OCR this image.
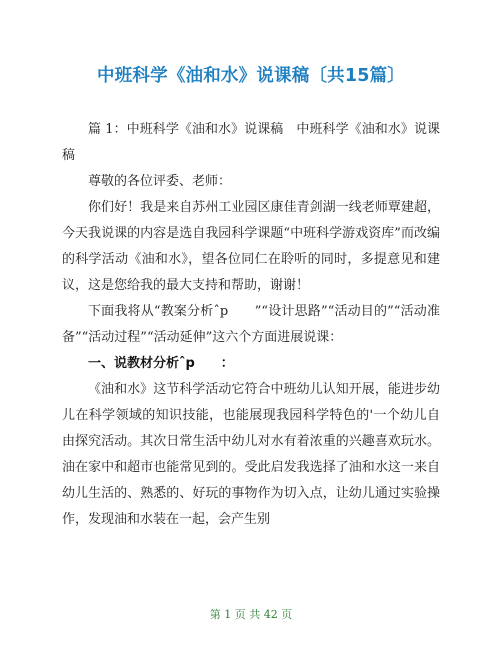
中班科学《油和水》说课稿〔共15篇〕

篇 1：中班科学《油和水》说课稿　中班科学《油和水》说课稿

尊敬的各位评委、老师：

你们好！我是来自苏州工业园区康佳青剑湖一线老师覃建超，今天我说课的内容是选自我园科学课题“中班科学游戏资库”而改编的科学活动《油和水》，望各位同仁在聆听的同时，多提意见和建议，这是您给我的最大支持和帮助，谢谢！

下面我将从“教案分析ˆp　　”“设计思路”“活动目的”“活动准备”“活动过程”“活动延伸”这六个方面进展说课：

一、说教材分析ˆp　　：

《油和水》这节科学活动它符合中班幼儿认知开展，能进步幼儿在科学领域的知识技能，也能展现我园科学特色的'一个幼儿自由探究活动。其次日常生活中幼儿对水有着浓重的兴趣喜欢玩水。 油在家中和超市也能常见到的。受此启发我选择了油和水这一来自幼儿生活的、熟悉的、好玩的事物作为切入点，让幼儿通过实验操作，发现油和水装在一起，会产生别

第 1 页 共 42 页
